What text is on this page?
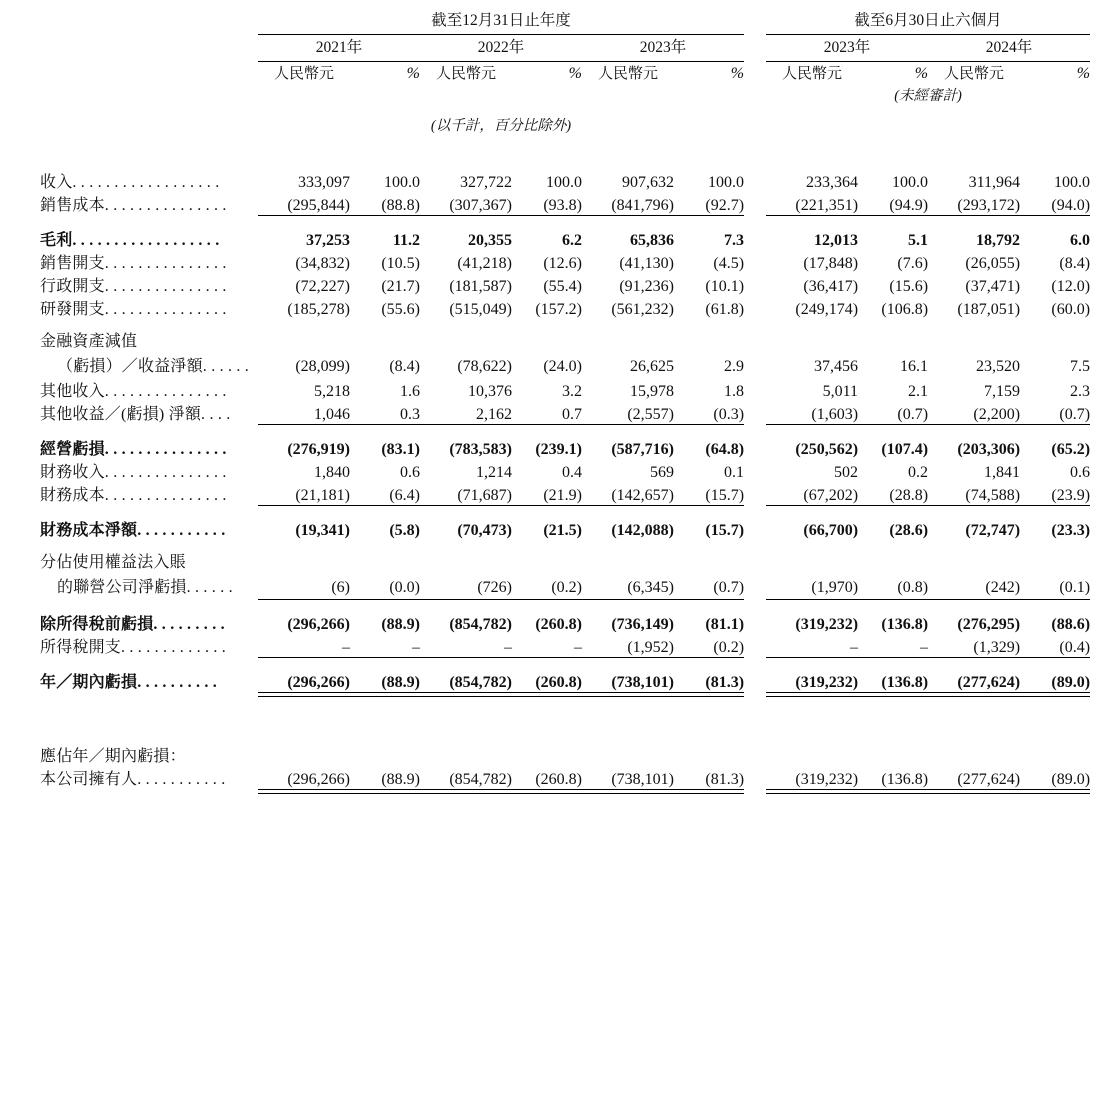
	截至12月31日止年度							截至6月30日止六個月			

	2021年		2022年		2023年			2023年		2024年	

	人民幣元	%	人民幣元	%	人民幣元	%		人民幣元	%	人民幣元	%
								(未經審計)			
	(以千計，百分比除外)										

收入. . . . . . . . . . . . . . . . . .	333,097	100.0	327,722	100.0	907,632	100.0		233,364	100.0	311,964	100.0
銷售成本. . . . . . . . . . . . . . .	(295,844)	(88.8)	(307,367)	(93.8)	(841,796)	(92.7)		(221,351)	(94.9)	(293,172)	(94.0)

毛利. . . . . . . . . . . . . . . . . .	37,253	11.2	20,355	6.2	65,836	7.3		12,013	5.1	18,792	6.0
銷售開支. . . . . . . . . . . . . . .	(34,832)	(10.5)	(41,218)	(12.6)	(41,130)	(4.5)		(17,848)	(7.6)	(26,055)	(8.4)
行政開支. . . . . . . . . . . . . . .	(72,227)	(21.7)	(181,587)	(55.4)	(91,236)	(10.1)		(36,417)	(15.6)	(37,471)	(12.0)
研發開支. . . . . . . . . . . . . . .	(185,278)	(55.6)	(515,049)	(157.2)	(561,232)	(61.8)		(249,174)	(106.8)	(187,051)	(60.0)
金融資產減值											
（虧損）／收益淨額. . . . . .	(28,099)	(8.4)	(78,622)	(24.0)	26,625	2.9		37,456	16.1	23,520	7.5
其他收入. . . . . . . . . . . . . . .	5,218	1.6	10,376	3.2	15,978	1.8		5,011	2.1	7,159	2.3
其他收益／(虧損) 淨額. . . .	1,046	0.3	2,162	0.7	(2,557)	(0.3)		(1,603)	(0.7)	(2,200)	(0.7)

經營虧損. . . . . . . . . . . . . . .	(276,919)	(83.1)	(783,583)	(239.1)	(587,716)	(64.8)		(250,562)	(107.4)	(203,306)	(65.2)
財務收入. . . . . . . . . . . . . . .	1,840	0.6	1,214	0.4	569	0.1		502	0.2	1,841	0.6
財務成本. . . . . . . . . . . . . . .	(21,181)	(6.4)	(71,687)	(21.9)	(142,657)	(15.7)		(67,202)	(28.8)	(74,588)	(23.9)

財務成本淨額. . . . . . . . . . .	(19,341)	(5.8)	(70,473)	(21.5)	(142,088)	(15.7)		(66,700)	(28.6)	(72,747)	(23.3)
分佔使用權益法入賬											
的聯營公司淨虧損. . . . . .	(6)	(0.0)	(726)	(0.2)	(6,345)	(0.7)		(1,970)	(0.8)	(242)	(0.1)

除所得稅前虧損. . . . . . . . .	(296,266)	(88.9)	(854,782)	(260.8)	(736,149)	(81.1)		(319,232)	(136.8)	(276,295)	(88.6)
所得稅開支. . . . . . . . . . . . .	–	–	–	–	(1,952)	(0.2)		–	–	(1,329)	(0.4)

年／期內虧損. . . . . . . . . .	(296,266)	(88.9)	(854,782)	(260.8)	(738,101)	(81.3)		(319,232)	(136.8)	(277,624)	(89.0)

應佔年／期內虧損：											
本公司擁有人. . . . . . . . . . .	(296,266)	(88.9)	(854,782)	(260.8)	(738,101)	(81.3)		(319,232)	(136.8)	(277,624)	(89.0)
